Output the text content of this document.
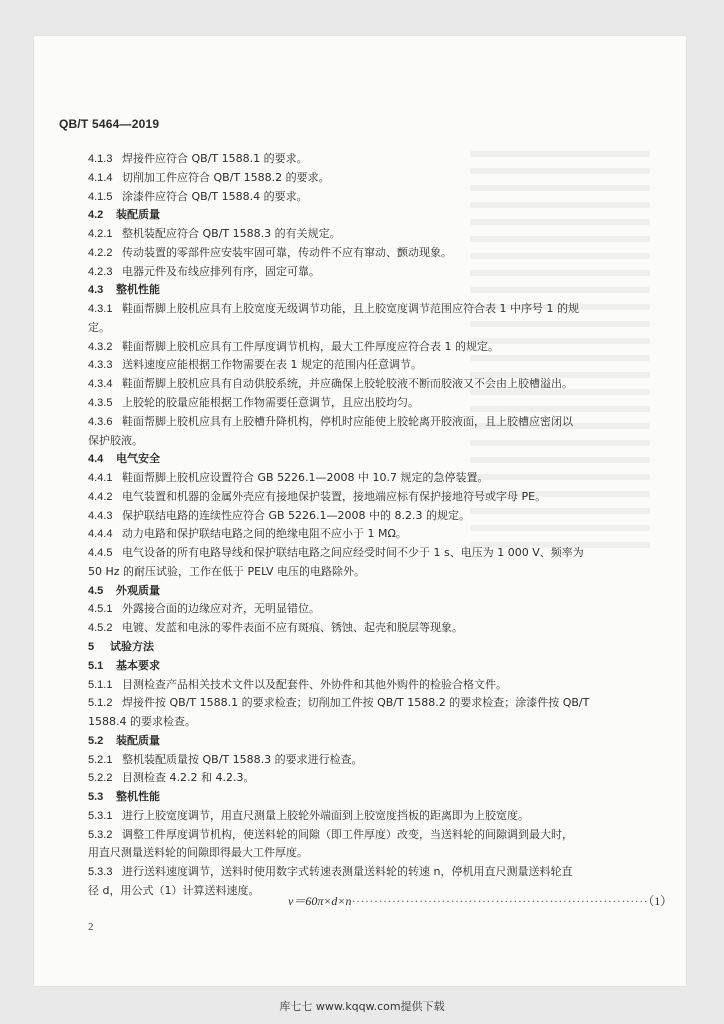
QB/T 5464—2019
4.1.3 焊接件应符合 QB/T 1588.1 的要求。
4.1.4 切削加工件应符合 QB/T 1588.2 的要求。
4.1.5 涂漆件应符合 QB/T 1588.4 的要求。
4.2 装配质量
4.2.1 整机装配应符合 QB/T 1588.3 的有关规定。
4.2.2 传动装置的零部件应安装牢固可靠，传动件不应有窜动、颤动现象。
4.2.3 电器元件及布线应排列有序，固定可靠。
4.3 整机性能
4.3.1 鞋面帮脚上胶机应具有上胶宽度无级调节功能，且上胶宽度调节范围应符合表 1 中序号 1 的规
定。
4.3.2 鞋面帮脚上胶机应具有工件厚度调节机构，最大工件厚度应符合表 1 的规定。
4.3.3 送料速度应能根据工作物需要在表 1 规定的范围内任意调节。
4.3.4 鞋面帮脚上胶机应具有自动供胶系统，并应确保上胶轮胶液不断而胶液又不会由上胶槽溢出。
4.3.5 上胶轮的胶量应能根据工作物需要任意调节，且应出胶均匀。
4.3.6 鞋面帮脚上胶机应具有上胶槽升降机构，停机时应能使上胶轮离开胶液面，且上胶槽应密闭以
保护胶液。
4.4 电气安全
4.4.1 鞋面帮脚上胶机应设置符合 GB 5226.1—2008 中 10.7 规定的急停装置。
4.4.2 电气装置和机器的金属外壳应有接地保护装置，接地端应标有保护接地符号或字母 PE。
4.4.3 保护联结电路的连续性应符合 GB 5226.1—2008 中的 8.2.3 的规定。
4.4.4 动力电路和保护联结电路之间的绝缘电阻不应小于 1 MΩ。
4.4.5 电气设备的所有电路导线和保护联结电路之间应经受时间不少于 1 s、电压为 1 000 V、频率为
50 Hz 的耐压试验，工作在低于 PELV 电压的电路除外。
4.5 外观质量
4.5.1 外露接合面的边缘应对齐，无明显错位。
4.5.2 电镀、发蓝和电泳的零件表面不应有斑痕、锈蚀、起壳和脱层等现象。
5 试验方法
5.1 基本要求
5.1.1 目测检查产品相关技术文件以及配套件、外协件和其他外购件的检验合格文件。
5.1.2 焊接件按 QB/T 1588.1 的要求检查；切削加工件按 QB/T 1588.2 的要求检查；涂漆件按 QB/T
1588.4 的要求检查。
5.2 装配质量
5.2.1 整机装配质量按 QB/T 1588.3 的要求进行检查。
5.2.2 目测检查 4.2.2 和 4.2.3。
5.3 整机性能
5.3.1 进行上胶宽度调节，用直尺测量上胶轮外端面到上胶宽度挡板的距离即为上胶宽度。
5.3.2 调整工件厚度调节机构，使送料轮的间隙（即工件厚度）改变，当送料轮的间隙调到最大时，
用直尺测量送料轮的间隙即得最大工件厚度。
5.3.3 进行送料速度调节，送料时使用数字式转速表测量送料轮的转速 n，停机用直尺测量送料轮直
径 d，用公式（1）计算送料速度。
v＝60π×d×n··································································（1）
2
库七七 www.kqqw.com提供下载
